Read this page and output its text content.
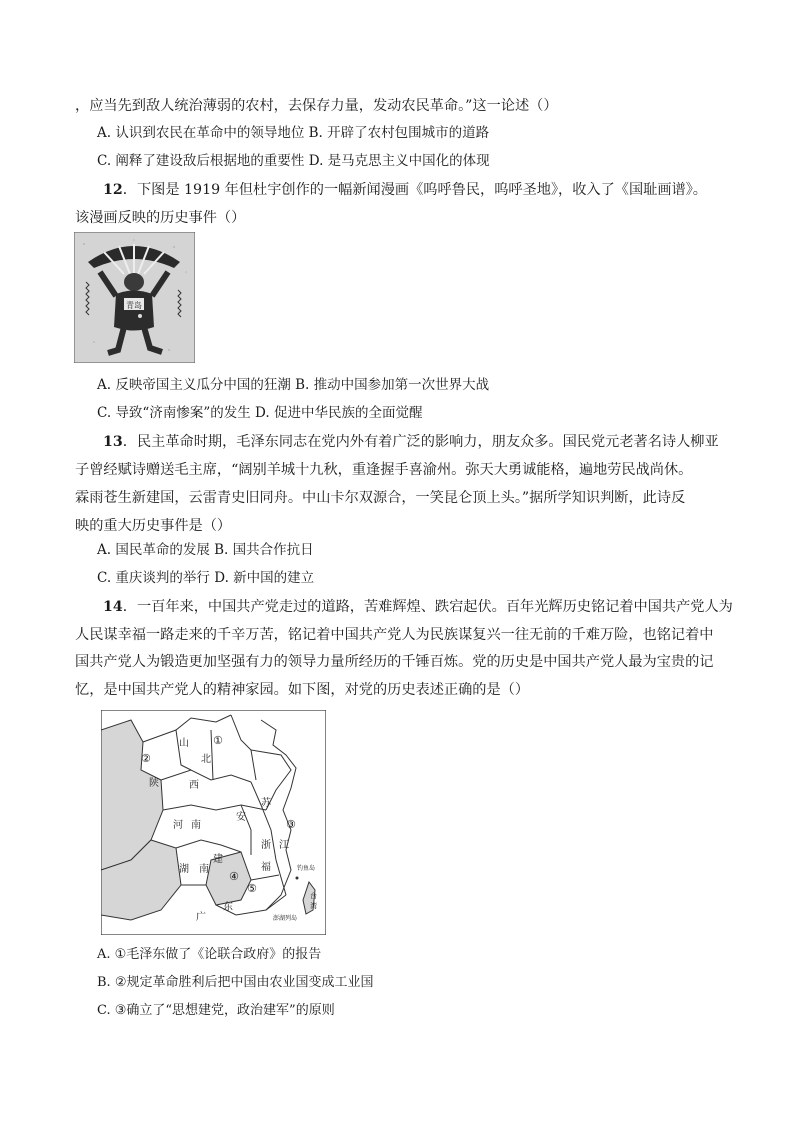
，应当先到敌人统治薄弱的农村，去保存力量，发动农民革命。”这一论述（）
A. 认识到农民在革命中的领导地位 B. 开辟了农村包围城市的道路
C. 阐释了建设敌后根据地的重要性 D. 是马克思主义中国化的体现
12．下图是 1919 年但杜宇创作的一幅新闻漫画《呜呼鲁民，呜呼圣地》，收入了《国耻画谱》。
该漫画反映的历史事件（）
青岛
A. 反映帝国主义瓜分中国的狂潮 B. 推动中国参加第一次世界大战
C. 导致“济南惨案”的发生 D. 促进中华民族的全面觉醒
13．民主革命时期，毛泽东同志在党内外有着广泛的影响力，朋友众多。国民党元老著名诗人柳亚
子曾经赋诗赠送毛主席，“阔别羊城十九秋，重逢握手喜渝州。弥天大勇诚能格，遍地劳民战尚休。
霖雨苍生新建国，云雷青史旧同舟。中山卡尔双源合，一笑昆仑顶上头。”据所学知识判断，此诗反
映的重大历史事件是（）
A. 国民革命的发展 B. 国共合作抗日
C. 重庆谈判的举行 D. 新中国的建立
14．一百年来，中国共产党走过的道路，苦难辉煌、跌宕起伏。百年光辉历史铭记着中国共产党人为
人民谋幸福一路走来的千辛万苦，铭记着中国共产党人为民族谋复兴一往无前的千难万险，也铭记着中
国共产党人为锻造更加坚强有力的领导力量所经历的千锤百炼。党的历史是中国共产党人最为宝贵的记
忆，是中国共产党人的精神家园。如下图，对党的历史表述正确的是（）
①
②
③
④
⑤
山
西
北
河 南
安
苏
江
浙
湖
东
福
建
广
陕
南
台
湾
钓鱼岛
澎湖列岛
A. ①毛泽东做了《论联合政府》的报告
B. ②规定革命胜利后把中国由农业国变成工业国
C. ③确立了“思想建党，政治建军”的原则
